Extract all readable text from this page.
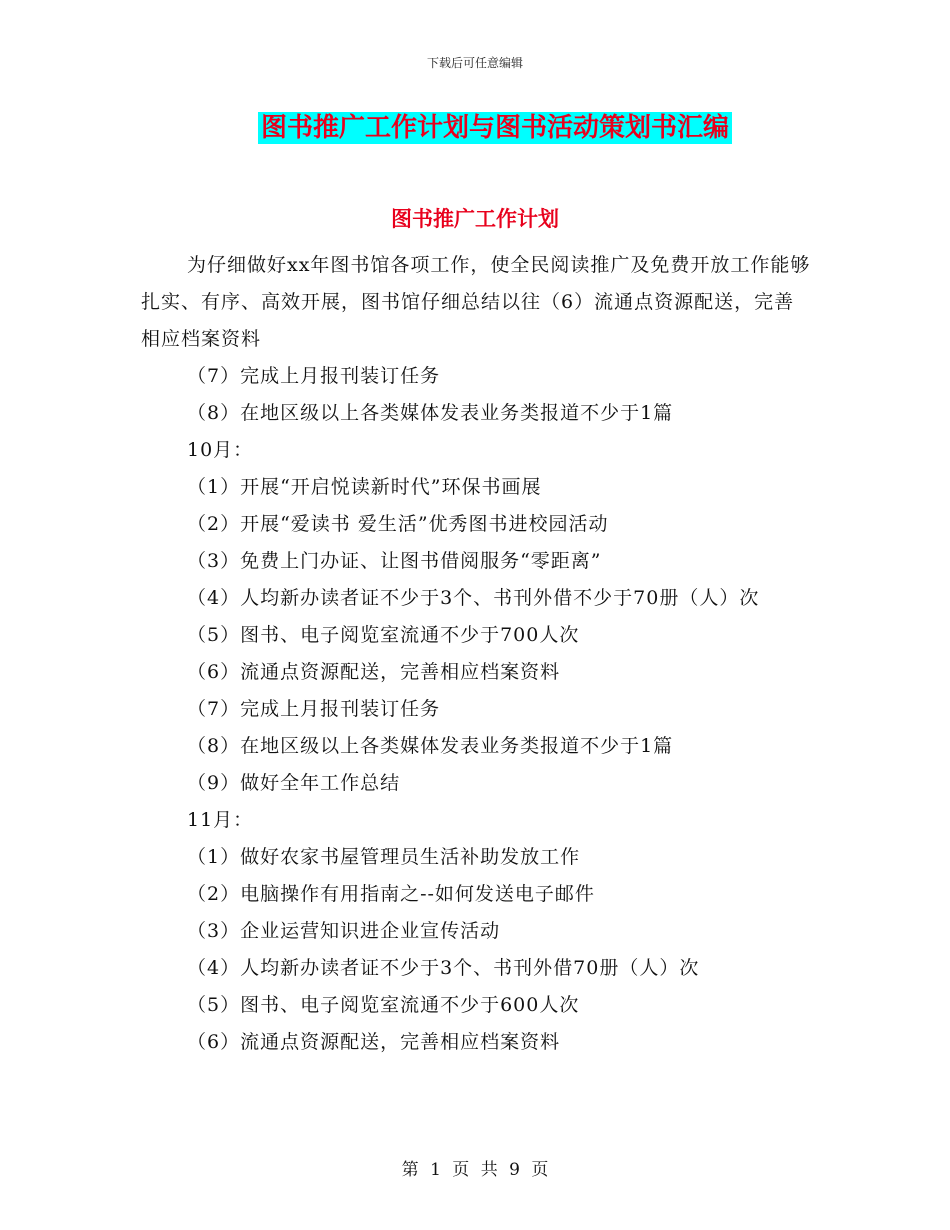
下载后可任意编辑
图书推广工作计划与图书活动策划书汇编
图书推广工作计划

为仔细做好xx年图书馆各项工作，使全民阅读推广及免费开放工作能够扎实、有序、高效开展，图书馆仔细总结以往（6）流通点资源配送，完善相应档案资料

（7）完成上月报刊装订任务

（8）在地区级以上各类媒体发表业务类报道不少于1篇

10月：

（1）开展“开启悦读新时代”环保书画展

（2）开展“爱读书 爱生活”优秀图书进校园活动

（3）免费上门办证、让图书借阅服务“零距离”

（4）人均新办读者证不少于3个、书刊外借不少于70册（人）次

（5）图书、电子阅览室流通不少于700人次

（6）流通点资源配送，完善相应档案资料

（7）完成上月报刊装订任务

（8）在地区级以上各类媒体发表业务类报道不少于1篇

（9）做好全年工作总结

11月：

（1）做好农家书屋管理员生活补助发放工作

（2）电脑操作有用指南之--如何发送电子邮件

（3）企业运营知识进企业宣传活动

（4）人均新办读者证不少于3个、书刊外借70册（人）次

（5）图书、电子阅览室流通不少于600人次

（6）流通点资源配送，完善相应档案资料

第 1 页 共 9 页
